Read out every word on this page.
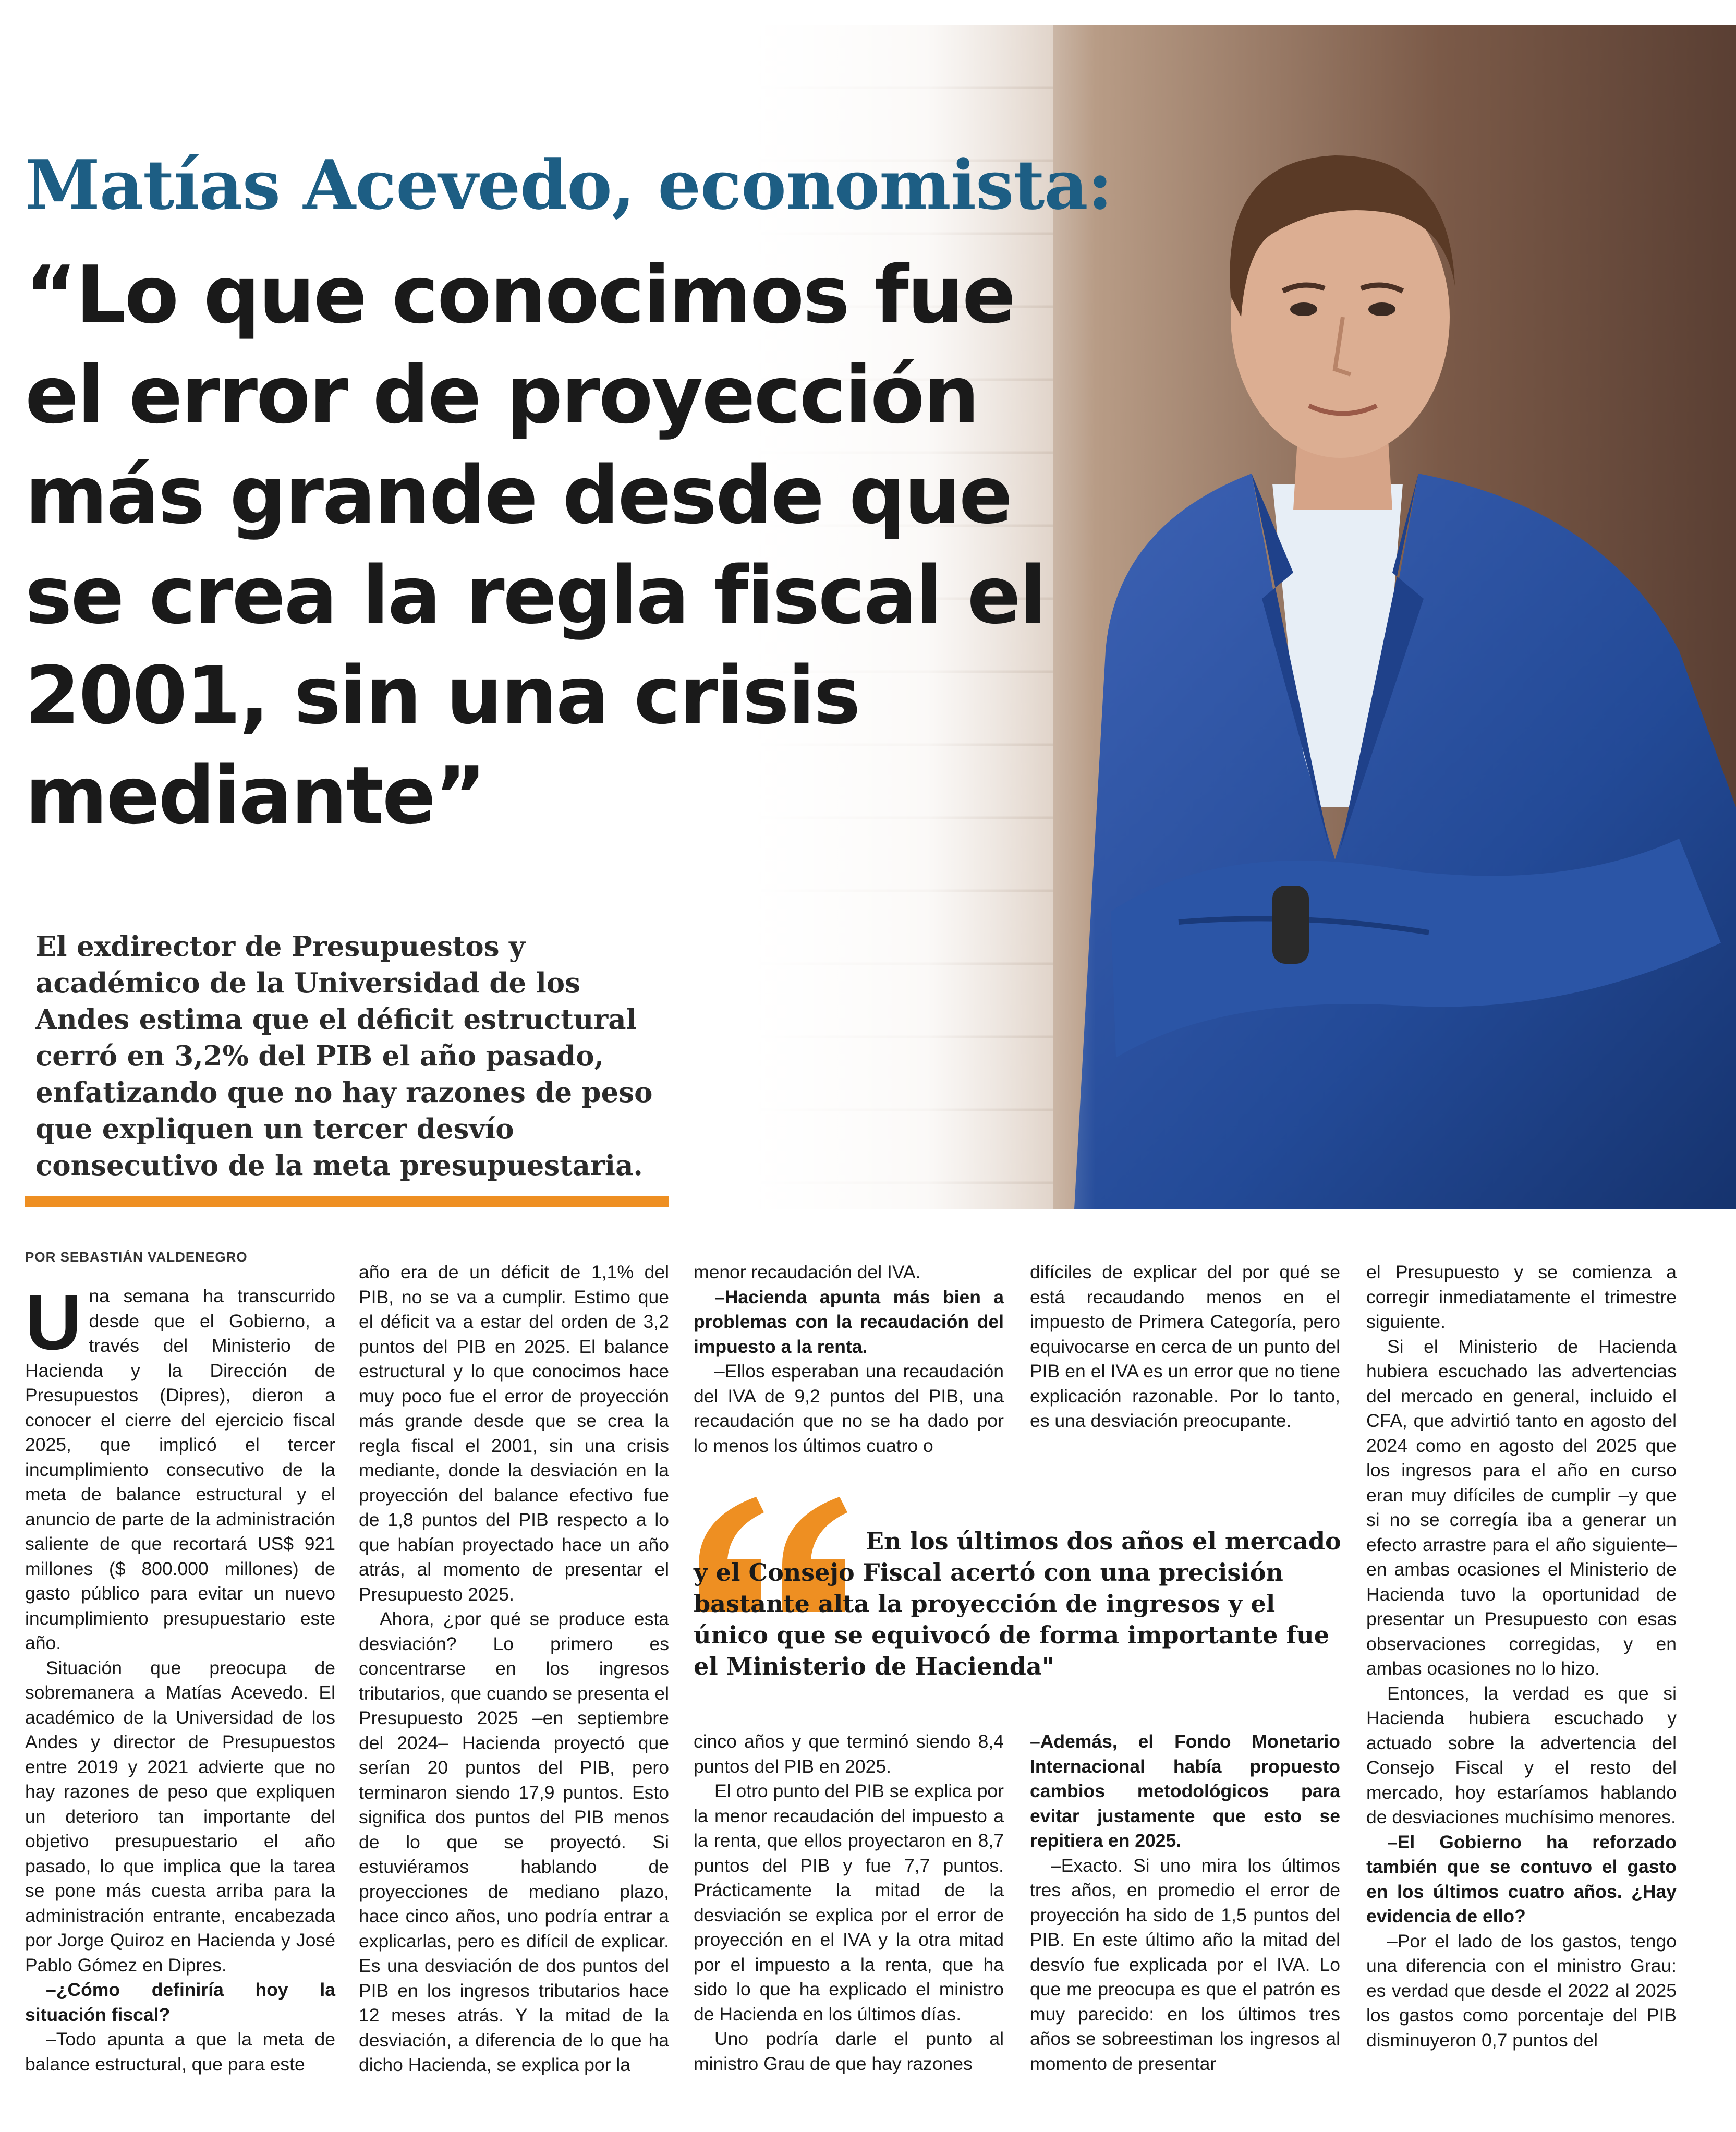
Matías Acevedo, economista:
“Lo que conocimos fue el error de proyección más grande desde que se crea la regla fiscal el 2001, sin una crisis mediante”
El exdirector de Presupuestos y académico de la Universidad de los Andes estima que el déficit estructural cerró en 3,2% del PIB el año pasado, enfatizando que no hay razones de peso que expliquen un tercer desvío consecutivo de la meta presupuestaria.
POR SEBASTIÁN VALDENEGRO

Una semana ha transcurrido desde que el Gobierno, a través del Ministerio de Hacienda y la Dirección de Presupuestos (Dipres), dieron a conocer el cierre del ejercicio fiscal 2025, que implicó el tercer incumplimiento consecutivo de la meta de balance estructural y el anuncio de parte de la administración saliente de que recortará US$ 921 millones ($ 800.000 millones) de gasto público para evitar un nuevo incumplimiento presupuestario este año.

Situación que preocupa de sobremanera a Matías Acevedo. El académico de la Universidad de los Andes y director de Presupuestos entre 2019 y 2021 advierte que no hay razones de peso que expliquen un deterioro tan importante del objetivo presupuestario el año pasado, lo que implica que la tarea se pone más cuesta arriba para la administración entrante, encabezada por Jorge Quiroz en Hacienda y José Pablo Gómez en Dipres.

–¿Cómo definiría hoy la situación fiscal?

–Todo apunta a que la meta de balance estructural, que para este

año era de un déficit de 1,1% del PIB, no se va a cumplir. Estimo que el déficit va a estar del orden de 3,2 puntos del PIB en 2025. El balance estructural y lo que conocimos hace muy poco fue el error de proyección más grande desde que se crea la regla fiscal el 2001, sin una crisis mediante, donde la desviación en la proyección del balance efectivo fue de 1,8 puntos del PIB respecto a lo que habían proyectado hace un año atrás, al momento de presentar el Presupuesto 2025.

Ahora, ¿por qué se produce esta desviación? Lo primero es concentrarse en los ingresos tributarios, que cuando se presenta el Presupuesto 2025 –en septiembre del 2024– Hacienda proyectó que serían 20 puntos del PIB, pero terminaron siendo 17,9 puntos. Esto significa dos puntos del PIB menos de lo que se proyectó. Si estuviéramos hablando de proyecciones de mediano plazo, hace cinco años, uno podría entrar a explicarlas, pero es difícil de explicar. Es una desviación de dos puntos del PIB en los ingresos tributarios hace 12 meses atrás. Y la mitad de la desviación, a diferencia de lo que ha dicho Hacienda, se explica por la

menor recaudación del IVA.

–Hacienda apunta más bien a problemas con la recaudación del impuesto a la renta.

–Ellos esperaban una recaudación del IVA de 9,2 puntos del PIB, una recaudación que no se ha dado por lo menos los últimos cuatro o

difíciles de explicar del por qué se está recaudando menos en el impuesto de Primera Categoría, pero equivocarse en cerca de un punto del PIB en el IVA es un error que no tiene explicación razonable. Por lo tanto, es una desviación preocupante.

En los últimos dos años el mercado y el Consejo Fiscal acertó con una precisión bastante alta la proyección de ingresos y el único que se equivocó de forma importante fue el Ministerio de Hacienda"

cinco años y que terminó siendo 8,4 puntos del PIB en 2025.

El otro punto del PIB se explica por la menor recaudación del impuesto a la renta, que ellos proyectaron en 8,7 puntos del PIB y fue 7,7 puntos. Prácticamente la mitad de la desviación se explica por el error de proyección en el IVA y la otra mitad por el impuesto a la renta, que ha sido lo que ha explicado el ministro de Hacienda en los últimos días.

Uno podría darle el punto al ministro Grau de que hay razones

–Además, el Fondo Monetario Internacional había propuesto cambios metodológicos para evitar justamente que esto se repitiera en 2025.

–Exacto. Si uno mira los últimos tres años, en promedio el error de proyección ha sido de 1,5 puntos del PIB. En este último año la mitad del desvío fue explicada por el IVA. Lo que me preocupa es que el patrón es muy parecido: en los últimos tres años se sobreestiman los ingresos al momento de presentar

el Presupuesto y se comienza a corregir inmediatamente el trimestre siguiente.

Si el Ministerio de Hacienda hubiera escuchado las advertencias del mercado en general, incluido el CFA, que advirtió tanto en agosto del 2024 como en agosto del 2025 que los ingresos para el año en curso eran muy difíciles de cumplir –y que si no se corregía iba a generar un efecto arrastre para el año siguiente– en ambas ocasiones el Ministerio de Hacienda tuvo la oportunidad de presentar un Presupuesto con esas observaciones corregidas, y en ambas ocasiones no lo hizo.

Entonces, la verdad es que si Hacienda hubiera escuchado y actuado sobre la advertencia del Consejo Fiscal y el resto del mercado, hoy estaríamos hablando de desviaciones muchísimo menores.

–El Gobierno ha reforzado también que se contuvo el gasto en los últimos cuatro años. ¿Hay evidencia de ello?

–Por el lado de los gastos, tengo una diferencia con el ministro Grau: es verdad que desde el 2022 al 2025 los gastos como porcentaje del PIB disminuyeron 0,7 puntos del
